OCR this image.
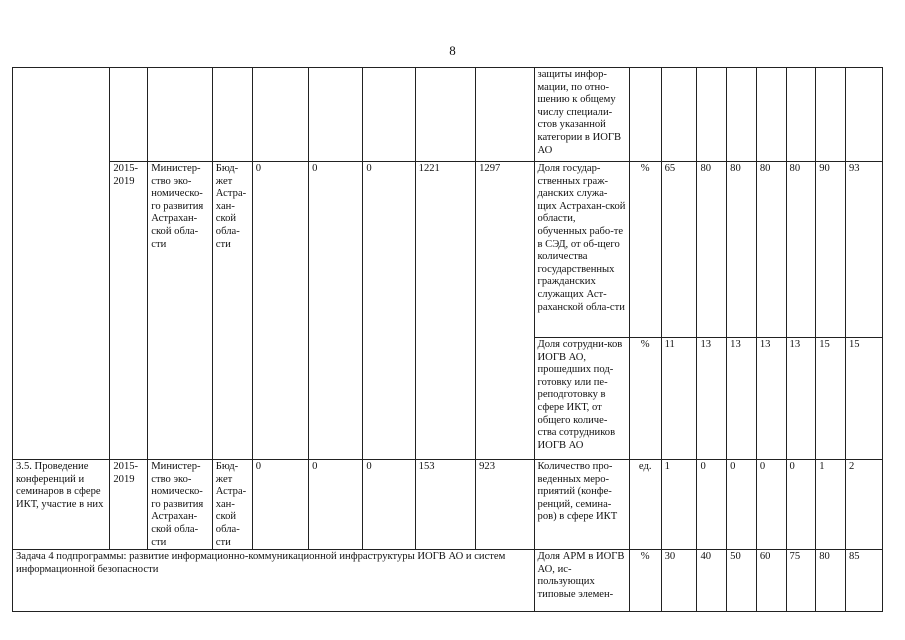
8
									защиты инфор-мации, по отно-шению к общему числу специали-стов указанной категории в ИОГВ АО								
	2015-2019	Министер-ство эко-номическо-го развития Астрахан-ской обла-сти	Бюд-жет Астра-хан-ской обла-сти	0	0	0	1221	1297	Доля государ-ственных граж-данских служа-щих Астрахан-ской области, обученных рабо-те в СЭД, от об-щего количества государственных гражданских служащих Аст-раханской обла-сти	%	65	80	80	80	80	90	93
									Доля сотрудни-ков ИОГВ АО, прошедших под-готовку или пе-реподготовку в сфере ИКТ, от общего количе-ства сотрудников ИОГВ АО	%	11	13	13	13	13	15	15
3.5. Проведение конференций и семинаров в сфере ИКТ, участие в них	2015-2019	Министер-ство эко-номическо-го развития Астрахан-ской обла-сти	Бюд-жет Астра-хан-ской обла-сти	0	0	0	153	923	Количество про-веденных меро-приятий (конфе-ренций, семина-ров) в сфере ИКТ	ед.	1	0	0	0	0	1	2
Задача 4 подпрограммы: развитие информационно-коммуникационной инфраструктуры ИОГВ АО и систем информационной безопасности									Доля АРМ в ИОГВ АО, ис-пользующих типовые элемен-	%	30	40	50	60	75	80	85
